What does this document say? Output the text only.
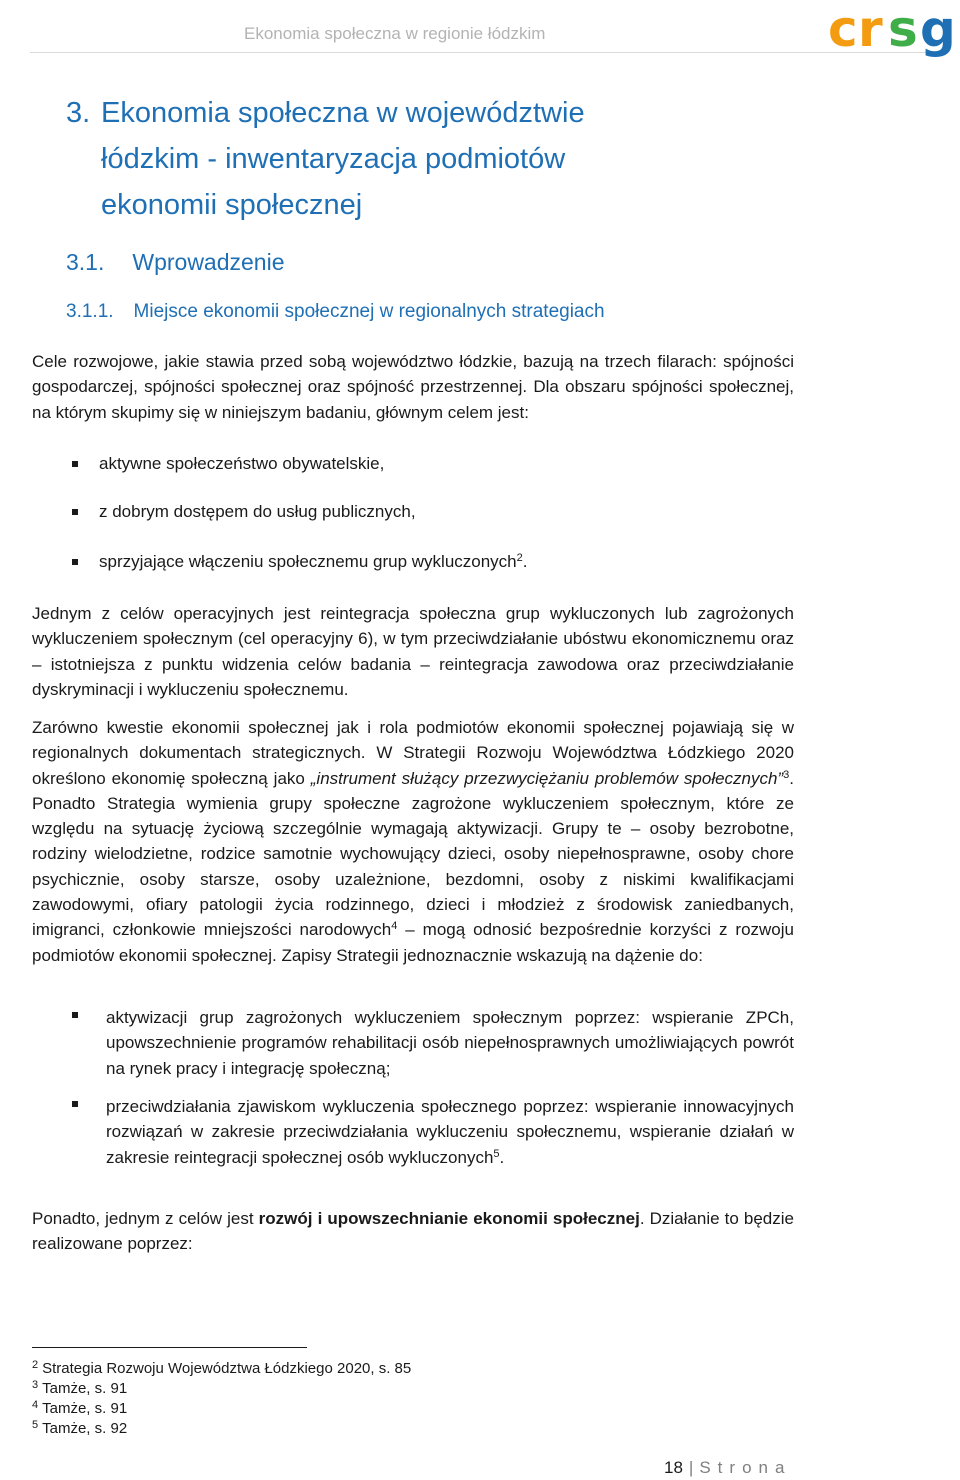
Ekonomia społeczna w regionie łódzkim	c r s g
3. Ekonomia społeczna w województwie
łódzkim - inwentaryzacja podmiotów
ekonomii społecznej
3.1. Wprowadzenie
3.1.1. Miejsce ekonomii społecznej w regionalnych strategiach

Cele rozwojowe, jakie stawia przed sobą województwo łódzkie, bazują na trzech filarach: spójności gospodarczej, spójności społecznej oraz spójność przestrzennej. Dla obszaru spójności społecznej, na którym skupimy się w niniejszym badaniu, głównym celem jest:

aktywne społeczeństwo obywatelskie,
z dobrym dostępem do usług publicznych,
sprzyjające włączeniu społecznemu grup wykluczonych$^2$.

Jednym z celów operacyjnych jest reintegracja społeczna grup wykluczonych lub zagrożonych wykluczeniem społecznym (cel operacyjny 6), w tym przeciwdziałanie ubóstwu ekonomicznemu oraz – istotniejsza z punktu widzenia celów badania – reintegracja zawodowa oraz przeciwdziałanie dyskryminacji i wykluczeniu społecznemu.

Zarówno kwestie ekonomii społecznej jak i rola podmiotów ekonomii społecznej pojawiają się w regionalnych dokumentach strategicznych. W Strategii Rozwoju Województwa Łódzkiego 2020 określono ekonomię społeczną jako „instrument służący przezwyciężaniu problemów społecznych”$^3$. Ponadto Strategia wymienia grupy społeczne zagrożone wykluczeniem społecznym, które ze względu na sytuację życiową szczególnie wymagają aktywizacji. Grupy te – osoby bezrobotne, rodziny wielodzietne, rodzice samotnie wychowujący dzieci, osoby niepełnosprawne, osoby chore psychicznie, osoby starsze, osoby uzależnione, bezdomni, osoby z niskimi kwalifikacjami zawodowymi, ofiary patologii życia rodzinnego, dzieci i młodzież z środowisk zaniedbanych, imigranci, członkowie mniejszości narodowych$^4$ – mogą odnosić bezpośrednie korzyści z rozwoju podmiotów ekonomii społecznej. Zapisy Strategii jednoznacznie wskazują na dążenie do:

aktywizacji grup zagrożonych wykluczeniem społecznym poprzez: wspieranie ZPCh, upowszechnienie programów rehabilitacji osób niepełnosprawnych umożliwiających powrót na rynek pracy i integrację społeczną;
przeciwdziałania zjawiskom wykluczenia społecznego poprzez: wspieranie innowacyjnych rozwiązań w zakresie przeciwdziałania wykluczeniu społecznemu, wspieranie działań w zakresie reintegracji społecznej osób wykluczonych$^5$.

Ponadto, jednym z celów jest rozwój i upowszechnianie ekonomii społecznej. Działanie to będzie realizowane poprzez:

$^2$ Strategia Rozwoju Województwa Łódzkiego 2020, s. 85
$^3$ Tamże, s. 91
$^4$ Tamże, s. 91
$^5$ Tamże, s. 92
18 | Strona
